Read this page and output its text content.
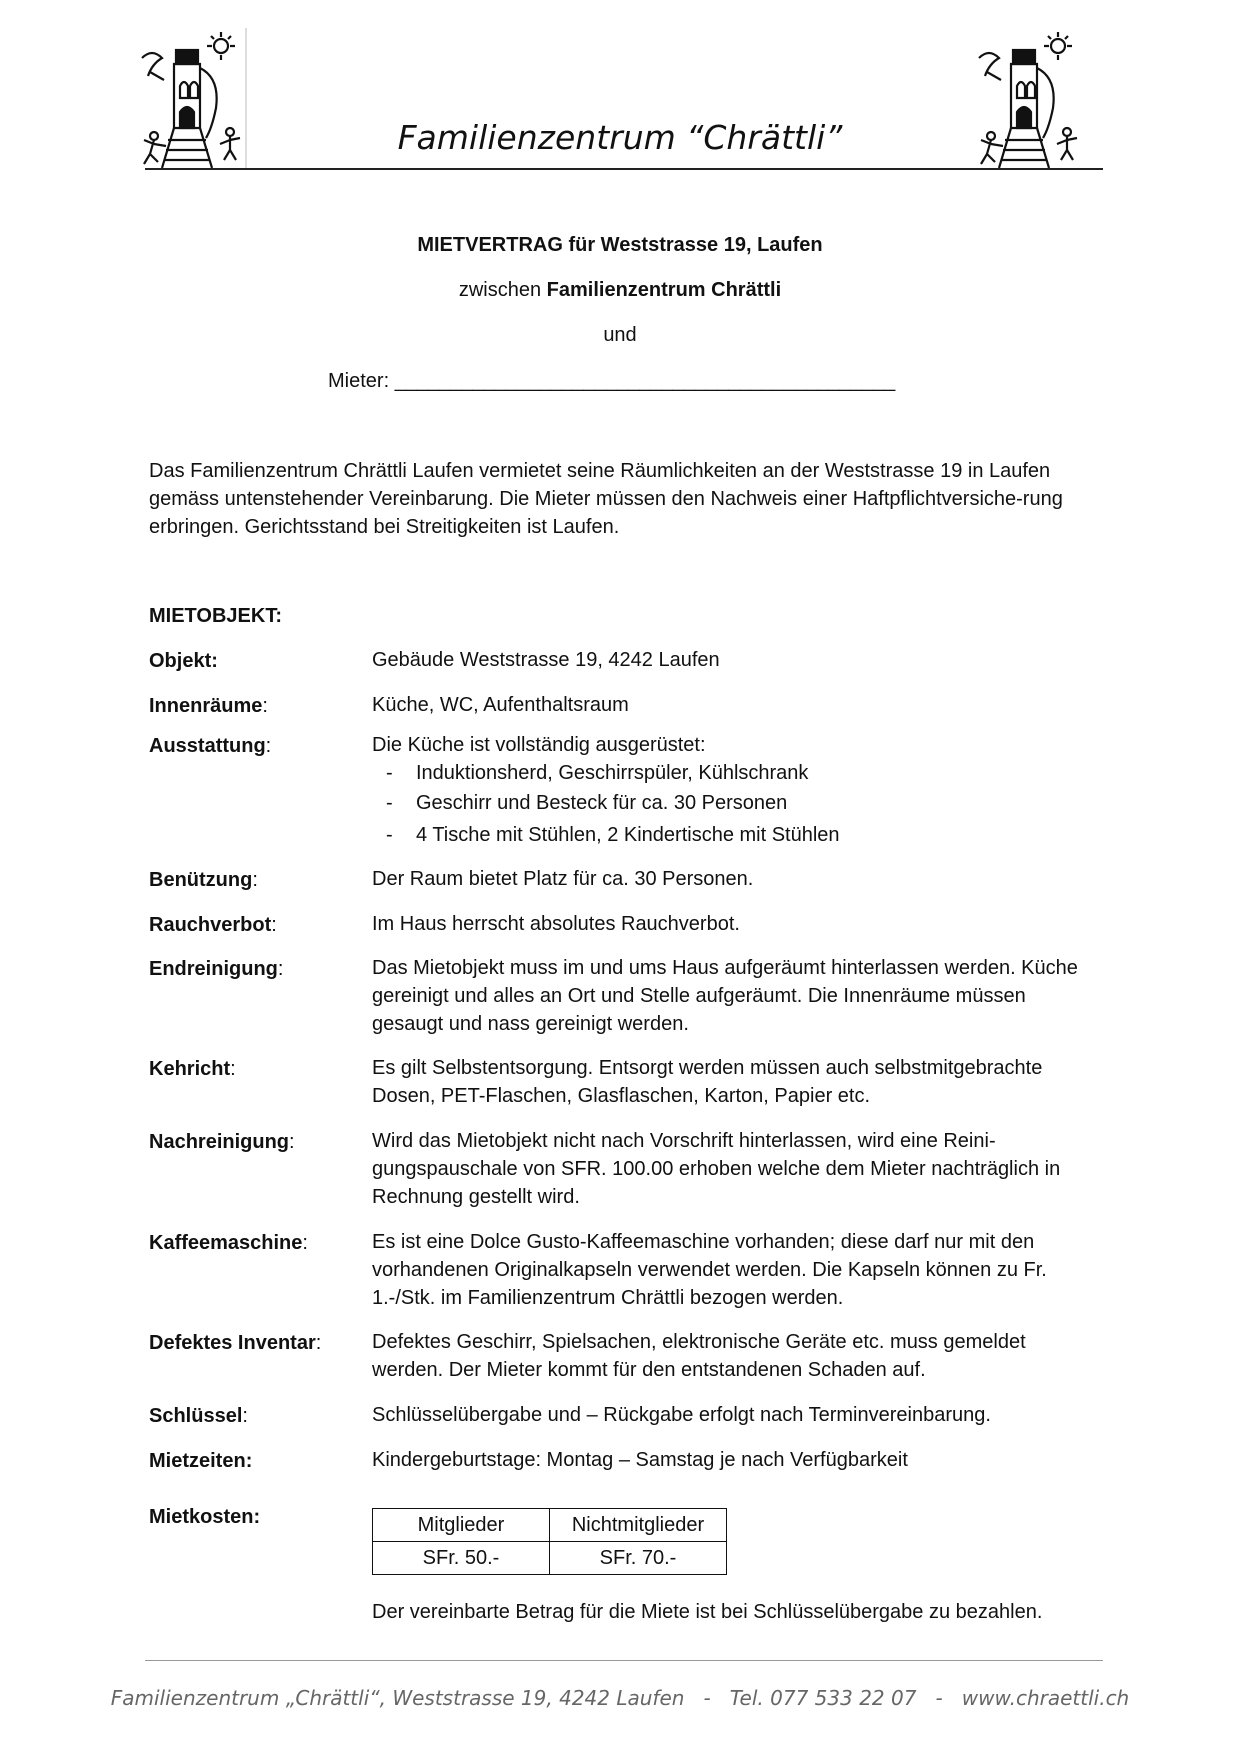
Familienzentrum “Chrättli”
MIETVERTRAG für Weststrasse 19, Laufen
zwischen Familienzentrum Chrättli
und
Mieter: _____________________________________________
Das Familienzentrum Chrättli Laufen vermietet seine Räumlichkeiten an der Weststrasse 19 in Laufen gemäss untenstehender Vereinbarung. Die Mieter müssen den Nachweis einer Haftpflichtversiche-rung erbringen. Gerichtsstand bei Streitigkeiten ist Laufen.
MIETOBJEKT:
Objekt:	Gebäude Weststrasse 19, 4242 Laufen
Innenräume:	Küche, WC, Aufenthaltsraum
Ausstattung:	Die Küche ist vollständig ausgerüstet:
- Induktionsherd, Geschirrspüler, Kühlschrank
- Geschirr und Besteck für ca. 30 Personen
- 4 Tische mit Stühlen, 2 Kindertische mit Stühlen
Benützung:	Der Raum bietet Platz für ca. 30 Personen.
Rauchverbot:	Im Haus herrscht absolutes Rauchverbot.
Endreinigung:	Das Mietobjekt muss im und ums Haus aufgeräumt hinterlassen werden. Küche gereinigt und alles an Ort und Stelle aufgeräumt. Die Innenräume müssen gesaugt und nass gereinigt werden.
Kehricht:	Es gilt Selbstentsorgung. Entsorgt werden müssen auch selbstmitgebrachte Dosen, PET-Flaschen, Glasflaschen, Karton, Papier etc.
Nachreinigung:	Wird das Mietobjekt nicht nach Vorschrift hinterlassen, wird eine Reini-gungspauschale von SFR. 100.00 erhoben welche dem Mieter nachträglich in Rechnung gestellt wird.
Kaffeemaschine:	Es ist eine Dolce Gusto-Kaffeemaschine vorhanden; diese darf nur mit den vorhandenen Originalkapseln verwendet werden. Die Kapseln können zu Fr. 1.-/Stk. im Familienzentrum Chrättli bezogen werden.
Defektes Inventar:	Defektes Geschirr, Spielsachen, elektronische Geräte etc. muss gemeldet werden. Der Mieter kommt für den entstandenen Schaden auf.
Schlüssel:	Schlüsselübergabe und – Rückgabe erfolgt nach Terminvereinbarung.
Mietzeiten:	Kindergeburtstage: Montag – Samstag je nach Verfügbarkeit
Mietkosten:	Mitglieder	Nichtmitglieder
SFr. 50.-	SFr. 70.-
Der vereinbarte Betrag für die Miete ist bei Schlüsselübergabe zu bezahlen.
Familienzentrum „Chrättli“, Weststrasse 19, 4242 Laufen   -   Tel. 077 533 22 07   -   www.chraettli.ch
